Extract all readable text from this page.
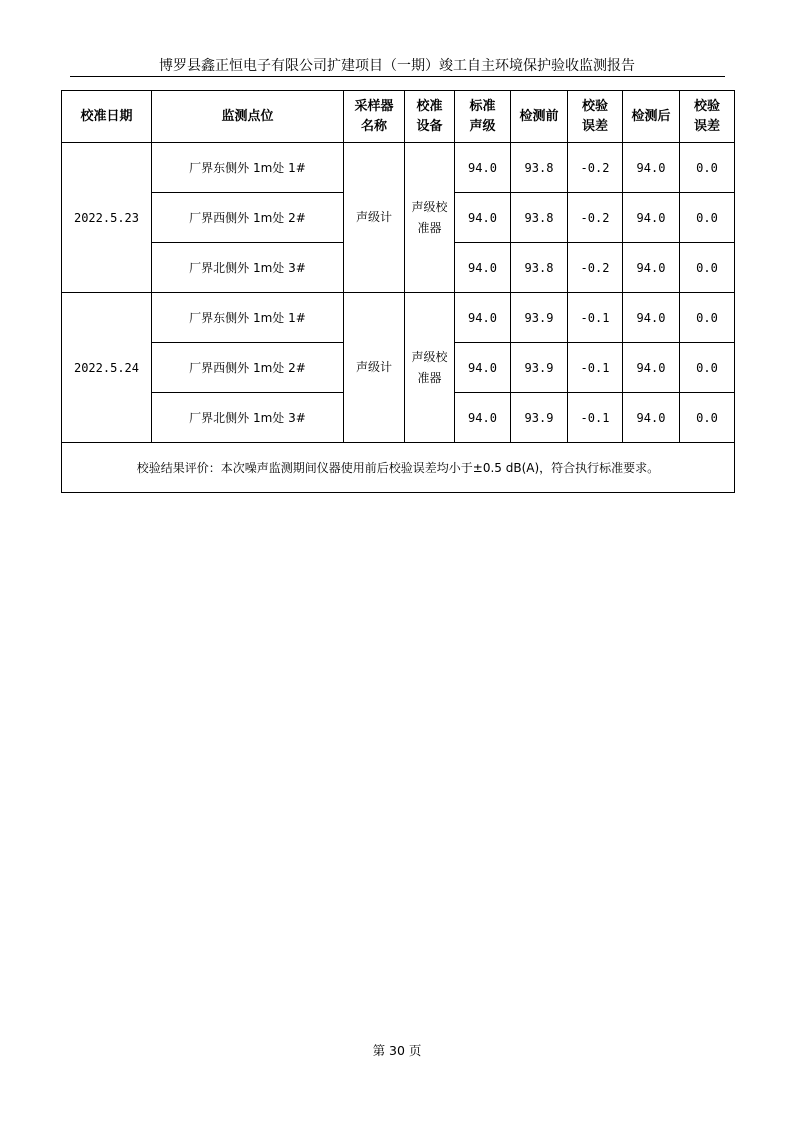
博罗县鑫正恒电子有限公司扩建项目（一期）竣工自主环境保护验收监测报告
校准日期	监测点位	采样器名称	校准设备	标准声级	检测前	校验误差	检测后	校验误差
2022.5.23	厂界东侧外 1m处 1#	声级计	声级校准器	94.0	93.8	-0.2	94.0	0.0
	厂界西侧外 1m处 2#			94.0	93.8	-0.2	94.0	0.0
	厂界北侧外 1m处 3#			94.0	93.8	-0.2	94.0	0.0
2022.5.24	厂界东侧外 1m处 1#	声级计	声级校准器	94.0	93.9	-0.1	94.0	0.0
	厂界西侧外 1m处 2#			94.0	93.9	-0.1	94.0	0.0
	厂界北侧外 1m处 3#			94.0	93.9	-0.1	94.0	0.0
校验结果评价：本次噪声监测期间仪器使用前后校验误差均小于±0.5 dB(A)，符合执行标准要求。								
第 30 页
